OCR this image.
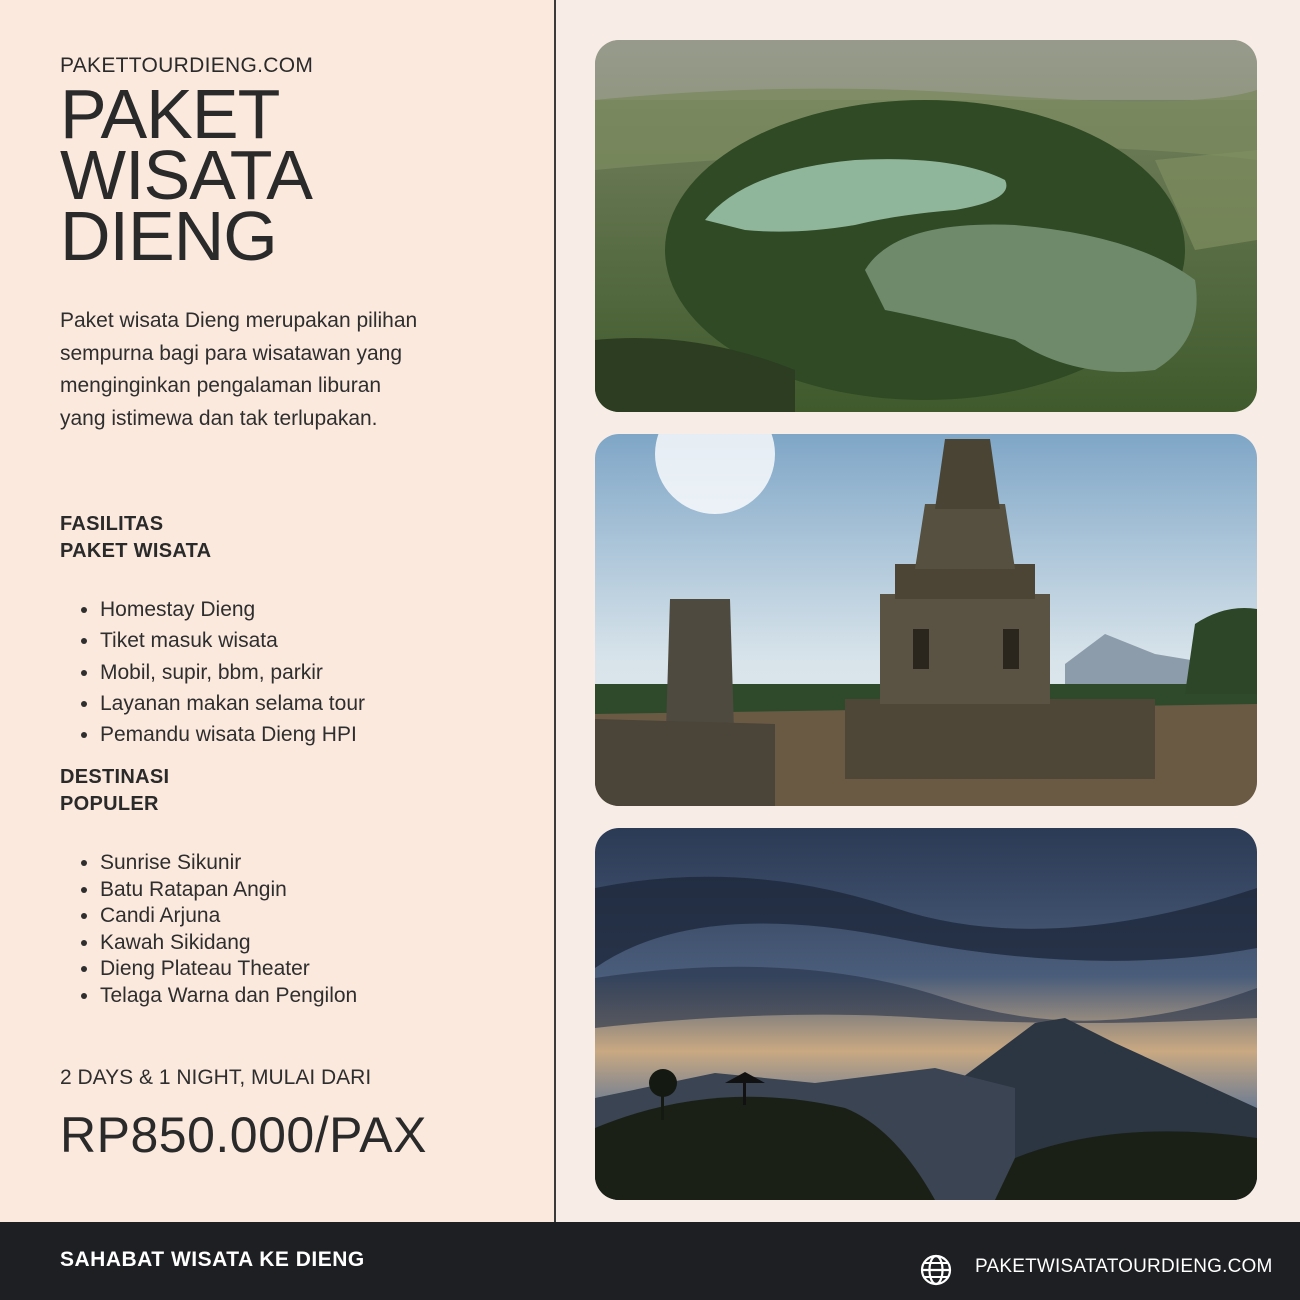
PAKETTOURDIENG.COM
PAKET
WISATA
DIENG
Paket wisata Dieng merupakan pilihan sempurna bagi para wisatawan yang menginginkan pengalaman liburan yang istimewa dan tak terlupakan.
FASILITAS
PAKET WISATA
• Homestay Dieng
• Tiket masuk wisata
• Mobil, supir, bbm, parkir
• Layanan makan selama tour
• Pemandu wisata Dieng HPI
DESTINASI
POPULER
• Sunrise Sikunir
• Batu Ratapan Angin
• Candi Arjuna
• Kawah Sikidang
• Dieng Plateau Theater
• Telaga Warna dan Pengilon
2 DAYS & 1 NIGHT, MULAI DARI
RP850.000/PAX
SAHABAT WISATA KE DIENG	PAKETWISATATOURDIENG.COM
